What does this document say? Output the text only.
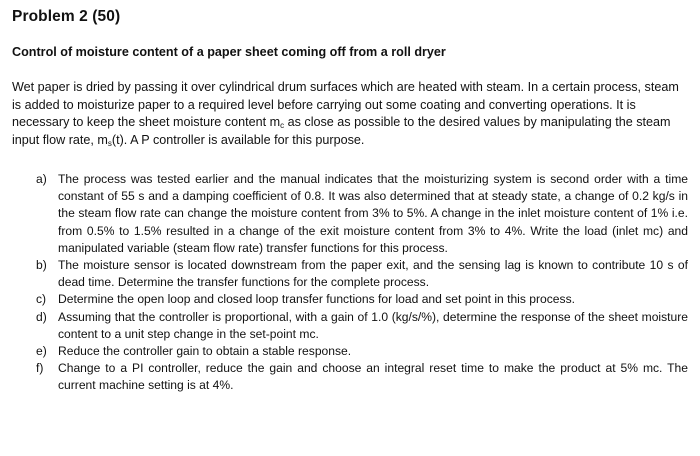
Problem 2 (50)
Control of moisture content of a paper sheet coming off from a roll dryer

Wet paper is dried by passing it over cylindrical drum surfaces which are heated with steam. In a certain process, steam is added to moisturize paper to a required level before carrying out some coating and converting operations. It is necessary to keep the sheet moisture content $m_c$ as close as possible to the desired values by manipulating the steam input flow rate, $m_s(t)$. A P controller is available for this purpose.

a) The process was tested earlier and the manual indicates that the moisturizing system is second order with a time constant of 55 s and a damping coefficient of 0.8. It was also determined that at steady state, a change of 0.2 kg/s in the steam flow rate can change the moisture content from 3% to 5%. A change in the inlet moisture content of 1% i.e. from 0.5% to 1.5% resulted in a change of the exit moisture content from 3% to 4%. Write the load (inlet mc) and manipulated variable (steam flow rate) transfer functions for this process.
b) The moisture sensor is located downstream from the paper exit, and the sensing lag is known to contribute 10 s of dead time. Determine the transfer functions for the complete process.
c) Determine the open loop and closed loop transfer functions for load and set point in this process.
d) Assuming that the controller is proportional, with a gain of 1.0 (kg/s/%), determine the response of the sheet moisture content to a unit step change in the set-point mc.
e) Reduce the controller gain to obtain a stable response.
f) Change to a PI controller, reduce the gain and choose an integral reset time to make the product at 5% mc. The current machine setting is at 4%.
